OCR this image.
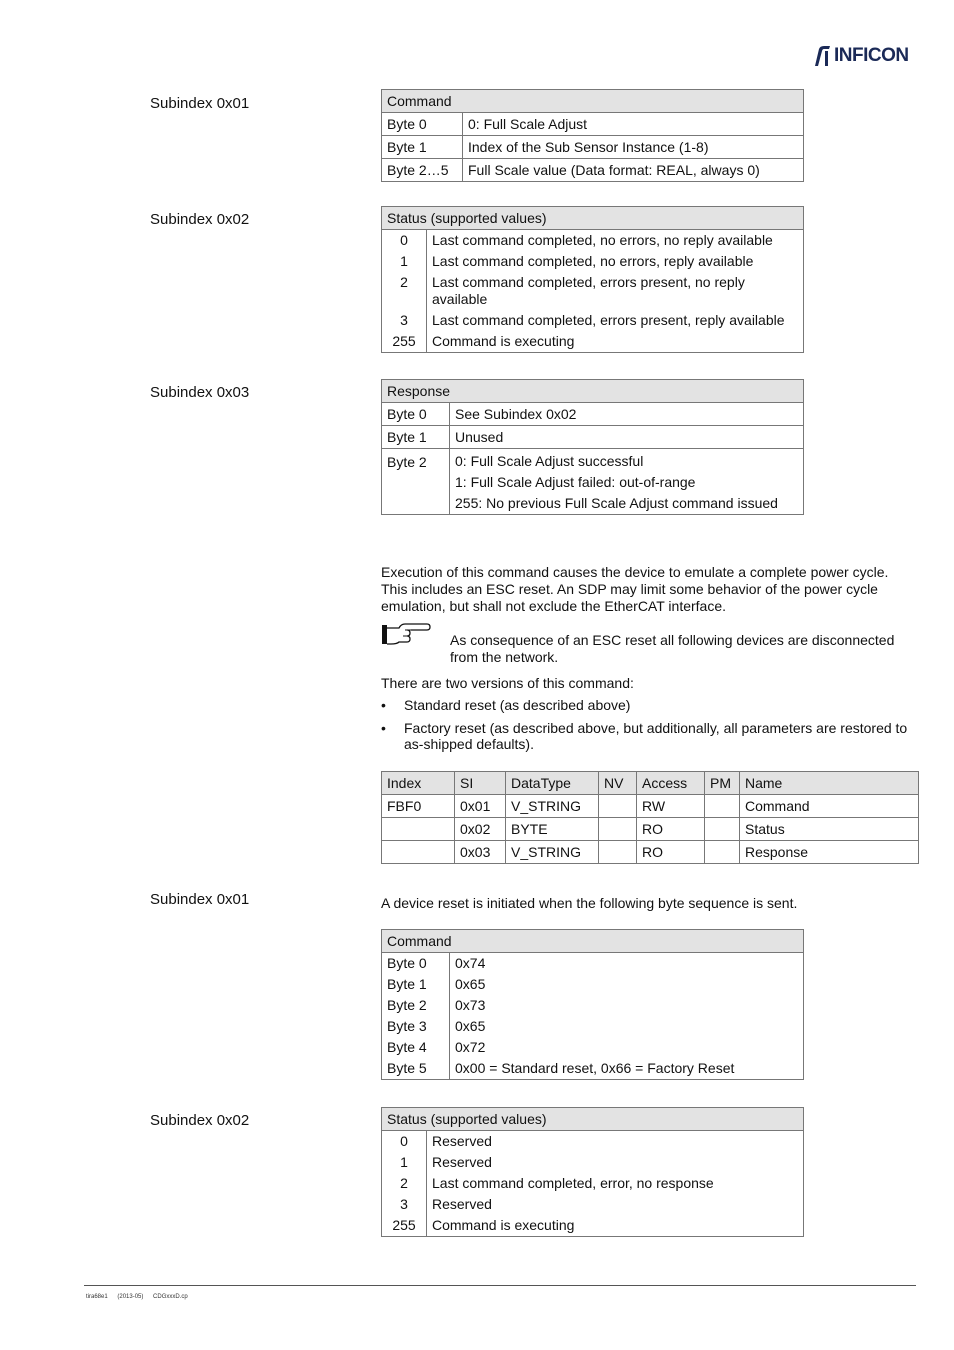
INFICON
Subindex 0x01	Command	
Byte 0	0: Full Scale Adjust
Byte 1	Index of the Sub Sensor Instance (1-8)
Byte 2…5	Full Scale value (Data format: REAL, always 0)
Subindex 0x02	Status (supported values)	
0	Last command completed, no errors, no reply available
1	Last command completed, no errors, reply available
2	Last command completed, errors present, no reply available
3	Last command completed, errors present, reply available
255	Command is executing
Subindex 0x03	Response	
Byte 0	See Subindex 0x02
Byte 1	Unused
Byte 2	0: Full Scale Adjust successful
1: Full Scale Adjust failed: out-of-range
255: No previous Full Scale Adjust command issued
Execution of this command causes the device to emulate a complete power cycle. This includes an ESC reset. An SDP may limit some behavior of the power cycle emulation, but shall not exclude the EtherCAT interface.
As consequence of an ESC reset all following devices are disconnected from the network.
There are two versions of this command:
•	Standard reset (as described above)
•	Factory reset (as described above, but additionally, all parameters are restored to as-shipped defaults).
Index	SI	DataType	NV	Access	PM	Name
FBF0	0x01	V_STRING		RW		Command
	0x02	BYTE		RO		Status
	0x03	V_STRING		RO		Response
Subindex 0x01	A device reset is initiated when the following byte sequence is sent.
Command	
Byte 0	0x74
Byte 1	0x65
Byte 2	0x73
Byte 3	0x65
Byte 4	0x72
Byte 5	0x00 = Standard reset, 0x66 = Factory Reset
Subindex 0x02	Status (supported values)	
0	Reserved
1	Reserved
2	Last command completed, error, no response
3	Reserved
255	Command is executing
tira68e1 (2013-05) CDGxxxD.cp
